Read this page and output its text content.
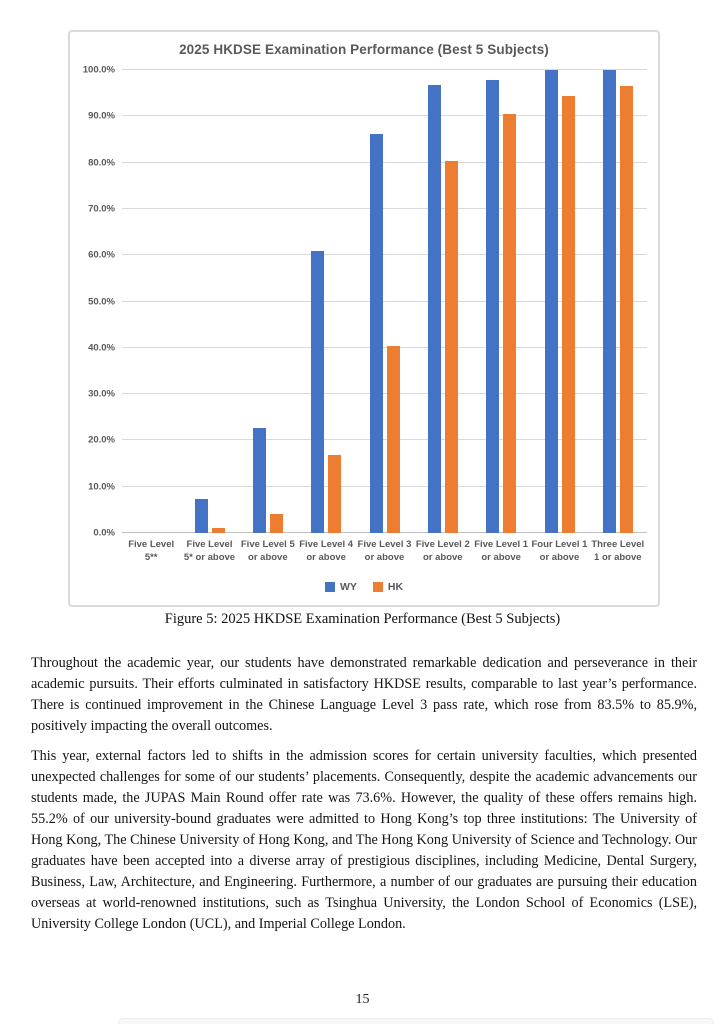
2025 HKDSE Examination Performance (Best 5 Subjects)
0.0%
10.0%
20.0%
30.0%
40.0%
50.0%
60.0%
70.0%
80.0%
90.0%
100.0%
Five Level
5**
Five Level
5* or above
Five Level 5
or above
Five Level 4
or above
Five Level 3
or above
Five Level 2
or above
Five Level 1
or above
Four Level 1
or above
Three Level
1 or above
WY	HK
Figure 5: 2025 HKDSE Examination Performance (Best 5 Subjects)

Throughout the academic year, our students have demonstrated remarkable dedication and perseverance in their academic pursuits. Their efforts culminated in satisfactory HKDSE results, comparable to last year’s performance. There is continued improvement in the Chinese Language Level 3 pass rate, which rose from 83.5% to 85.9%, positively impacting the overall outcomes.

This year, external factors led to shifts in the admission scores for certain university faculties, which presented unexpected challenges for some of our students’ placements. Consequently, despite the academic advancements our students made, the JUPAS Main Round offer rate was 73.6%. However, the quality of these offers remains high. 55.2% of our university-bound graduates were admitted to Hong Kong’s top three institutions: The University of Hong Kong, The Chinese University of Hong Kong, and The Hong Kong University of Science and Technology. Our graduates have been accepted into a diverse array of prestigious disciplines, including Medicine, Dental Surgery, Business, Law, Architecture, and Engineering. Furthermore, a number of our graduates are pursuing their education overseas at world-renowned institutions, such as Tsinghua University, the London School of Economics (LSE), University College London (UCL), and Imperial College London.

15
